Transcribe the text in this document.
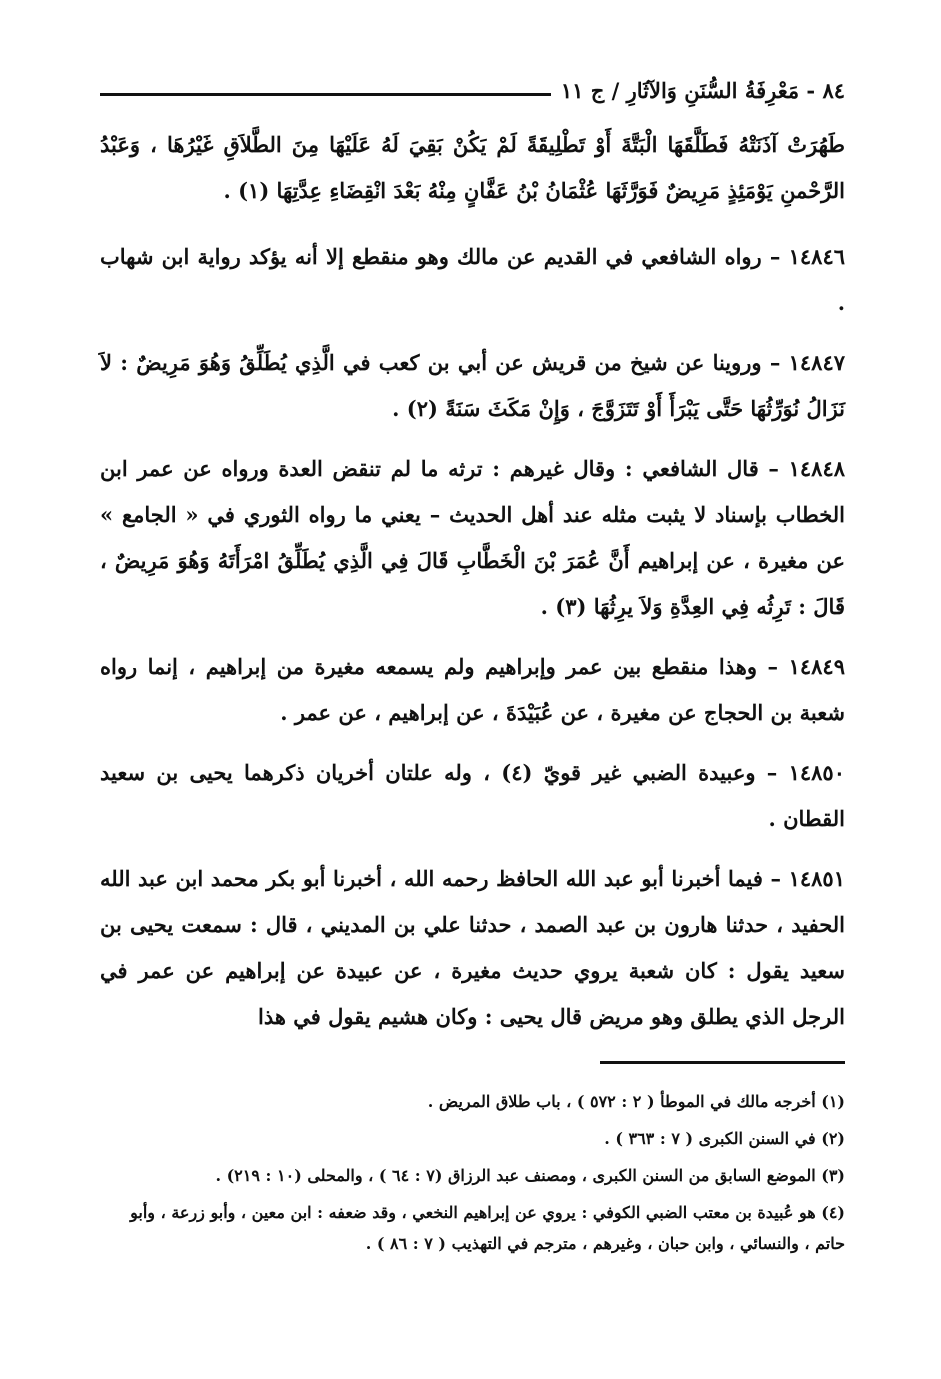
٨٤ - مَعْرِفَةُ السُّنَنِ وَالآثَارِ / ج ١١

طَهُرَتْ آذَنَتْهُ فَطَلَّقَهَا الْبَتَّةَ أَوْ تَطْلِيقَةً لَمْ يَكُنْ بَقِيَ لَهُ عَلَيْهَا مِنَ الطَّلاَقِ غَيْرُهَا ، وَعَبْدُ الرَّحْمنِ يَوْمَئِذٍ مَرِيضٌ فَوَرَّثَهَا عُثْمَانُ بْنُ عَفَّانٍ مِنْهُ بَعْدَ انْقِضَاءِ عِدَّتِهَا (١) .

١٤٨٤٦ – رواه الشافعي في القديم عن مالك وهو منقطع إلا أنه يؤكد رواية ابن شهاب .

١٤٨٤٧ – وروينا عن شيخ من قريش عن أبي بن كعب في الَّذِي يُطَلِّقُ وَهُوَ مَرِيضٌ : لاَ نَزَالُ نُوَرِّثُهَا حَتَّى يَبْرَأَ أَوْ تَتَزَوَّجَ ، وَإِنْ مَكَثَ سَنَةً (٢) .

١٤٨٤٨ – قال الشافعي : وقال غيرهم : ترثه ما لم تنقض العدة ورواه عن عمر ابن الخطاب بإسناد لا يثبت مثله عند أهل الحديث – يعني ما رواه الثوري في « الجامع » عن مغيرة ، عن إبراهيم أَنَّ عُمَرَ بْنَ الْخَطَّابِ قَالَ فِي الَّذِي يُطَلِّقُ امْرَأَتَهُ وَهُوَ مَرِيضٌ ، قَالَ : تَرِثُه فِي العِدَّةِ وَلاَ يرِثُهَا (٣) .

١٤٨٤٩ – وهذا منقطع بين عمر وإبراهيم ولم يسمعه مغيرة من إبراهيم ، إنما رواه شعبة بن الحجاج عن مغيرة ، عن عُبَيْدَةَ ، عن إبراهيم ، عن عمر .

١٤٨٥٠ – وعبيدة الضبي غير قويّ (٤) ، وله علتان أخريان ذكرهما يحيى بن سعيد القطان .

١٤٨٥١ – فيما أخبرنا أبو عبد الله الحافظ رحمه الله ، أخبرنا أبو بكر محمد ابن عبد الله الحفيد ، حدثنا هارون بن عبد الصمد ، حدثنا علي بن المديني ، قال : سمعت يحيى بن سعيد يقول : كان شعبة يروي حديث مغيرة ، عن عبيدة عن إبراهيم عن عمر في الرجل الذي يطلق وهو مريض قال يحيى : وكان هشيم يقول في هذا

(١) أخرجه مالك في الموطأ ( ٢ : ٥٧٢ ) ، باب طلاق المريض .

(٢) في السنن الكبرى ( ٧ : ٣٦٣ ) .

(٣) الموضع السابق من السنن الكبرى ، ومصنف عبد الرزاق (٧ : ٦٤ ) ، والمحلى (١٠ : ٢١٩) .

(٤) هو عُبيدة بن معتب الضبي الكوفي : يروي عن إبراهيم النخعي ، وقد ضعفه : ابن معين ، وأبو زرعة ، وأبو حاتم ، والنسائي ، وابن حبان ، وغيرهم ، مترجم في التهذيب ( ٧ : ٨٦ ) .
